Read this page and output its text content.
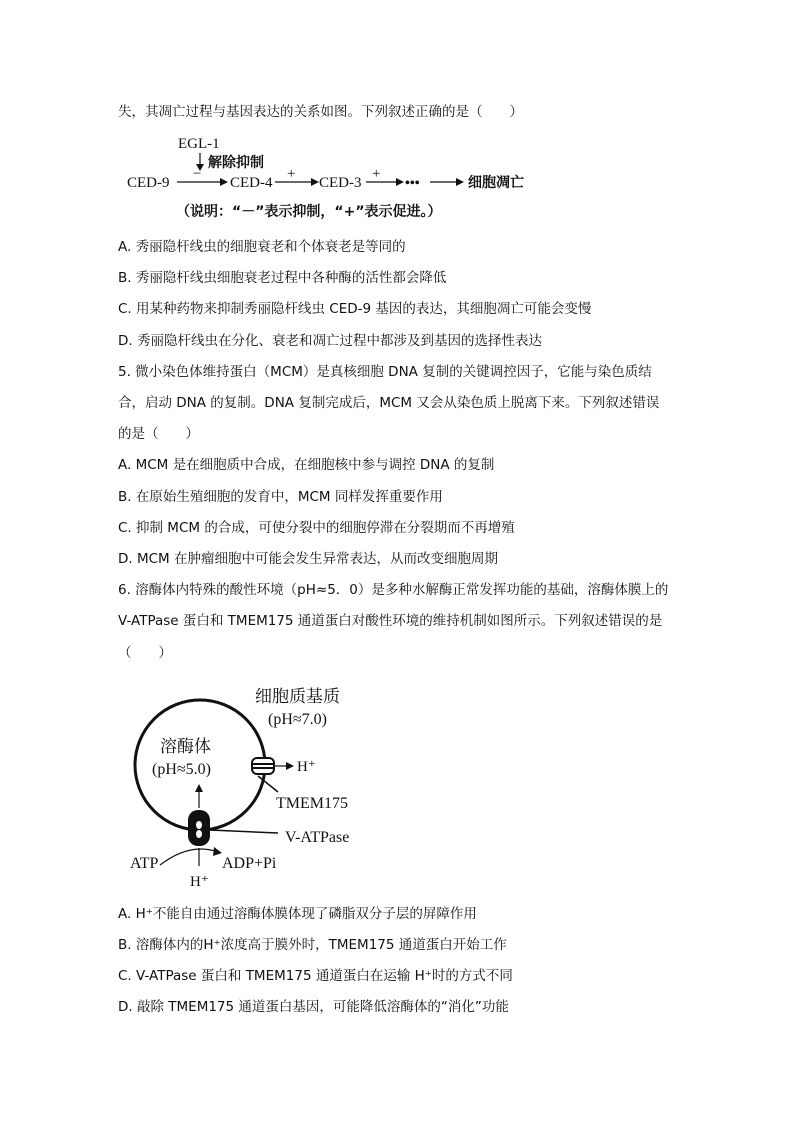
失，其凋亡过程与基因表达的关系如图。下列叙述正确的是（　　）
EGL-1
解除抑制
CED-9
−
CED-4
+
CED-3
+
•••	细胞凋亡
（说明：“－”表示抑制，“+”表示促进。）
A. 秀丽隐杆线虫的细胞衰老和个体衰老是等同的
B. 秀丽隐杆线虫细胞衰老过程中各种酶的活性都会降低
C. 用某种药物来抑制秀丽隐杆线虫 CED-9 基因的表达，其细胞凋亡可能会变慢
D. 秀丽隐杆线虫在分化、衰老和凋亡过程中都涉及到基因的选择性表达
5. 微小染色体维持蛋白（MCM）是真核细胞 DNA 复制的关键调控因子，它能与染色质结
合，启动 DNA 的复制。DNA 复制完成后，MCM 又会从染色质上脱离下来。下列叙述错误
的是（　　）
A. MCM 是在细胞质中合成，在细胞核中参与调控 DNA 的复制
B. 在原始生殖细胞的发育中，MCM 同样发挥重要作用
C. 抑制 MCM 的合成，可使分裂中的细胞停滞在分裂期而不再增殖
D. MCM 在肿瘤细胞中可能会发生异常表达，从而改变细胞周期
6. 溶酶体内特殊的酸性环境（pH≈5．0）是多种水解酶正常发挥功能的基础，溶酶体膜上的
V-ATPase 蛋白和 TMEM175 通道蛋白对酸性环境的维持机制如图所示。下列叙述错误的是
（　　）
细胞质基质
(pH≈7.0)
溶酶体
(pH≈5.0)	H⁺
TMEM175
V-ATPase
ATP	ADP+Pi
H⁺
A. H⁺不能自由通过溶酶体膜体现了磷脂双分子层的屏障作用
B. 溶酶体内的H⁺浓度高于膜外时，TMEM175 通道蛋白开始工作
C. V-ATPase 蛋白和 TMEM175 通道蛋白在运输 H⁺时的方式不同
D. 敲除 TMEM175 通道蛋白基因，可能降低溶酶体的“消化”功能
